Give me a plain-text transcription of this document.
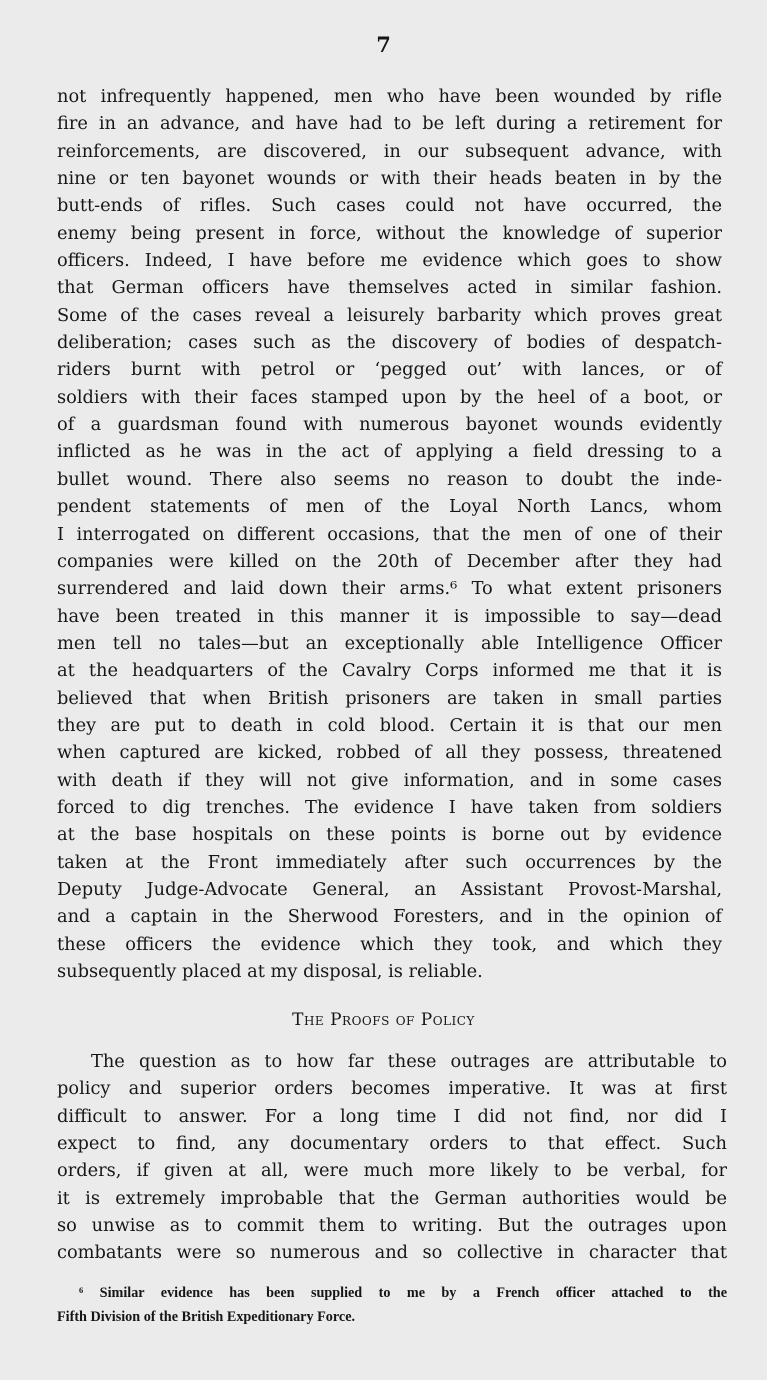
7
not infrequently happened, men who have been wounded by rifle
fire in an advance, and have had to be left during a retirement for
reinforcements, are discovered, in our subsequent advance, with
nine or ten bayonet wounds or with their heads beaten in by the
butt-ends of rifles. Such cases could not have occurred, the
enemy being present in force, without the knowledge of superior
officers. Indeed, I have before me evidence which goes to show
that German officers have themselves acted in similar fashion.
Some of the cases reveal a leisurely barbarity which proves great
deliberation; cases such as the discovery of bodies of despatch-
riders burnt with petrol or ‘pegged out’ with lances, or of
soldiers with their faces stamped upon by the heel of a boot, or
of a guardsman found with numerous bayonet wounds evidently
inflicted as he was in the act of applying a field dressing to a
bullet wound. There also seems no reason to doubt the inde-
pendent statements of men of the Loyal North Lancs, whom
I interrogated on different occasions, that the men of one of their
companies were killed on the 20th of December after they had
surrendered and laid down their arms.⁶ To what extent prisoners
have been treated in this manner it is impossible to say—dead
men tell no tales—but an exceptionally able Intelligence Officer
at the headquarters of the Cavalry Corps informed me that it is
believed that when British prisoners are taken in small parties
they are put to death in cold blood. Certain it is that our men
when captured are kicked, robbed of all they possess, threatened
with death if they will not give information, and in some cases
forced to dig trenches. The evidence I have taken from soldiers
at the base hospitals on these points is borne out by evidence
taken at the Front immediately after such occurrences by the
Deputy Judge-Advocate General, an Assistant Provost-Marshal,
and a captain in the Sherwood Foresters, and in the opinion of
these officers the evidence which they took, and which they
subsequently placed at my disposal, is reliable.
The Proofs of Policy
The question as to how far these outrages are attributable to
policy and superior orders becomes imperative. It was at first
difficult to answer. For a long time I did not find, nor did I
expect to find, any documentary orders to that effect. Such
orders, if given at all, were much more likely to be verbal, for
it is extremely improbable that the German authorities would be
so unwise as to commit them to writing. But the outrages upon
combatants were so numerous and so collective in character that
⁶ Similar evidence has been supplied to me by a French officer attached to the
Fifth Division of the British Expeditionary Force.
